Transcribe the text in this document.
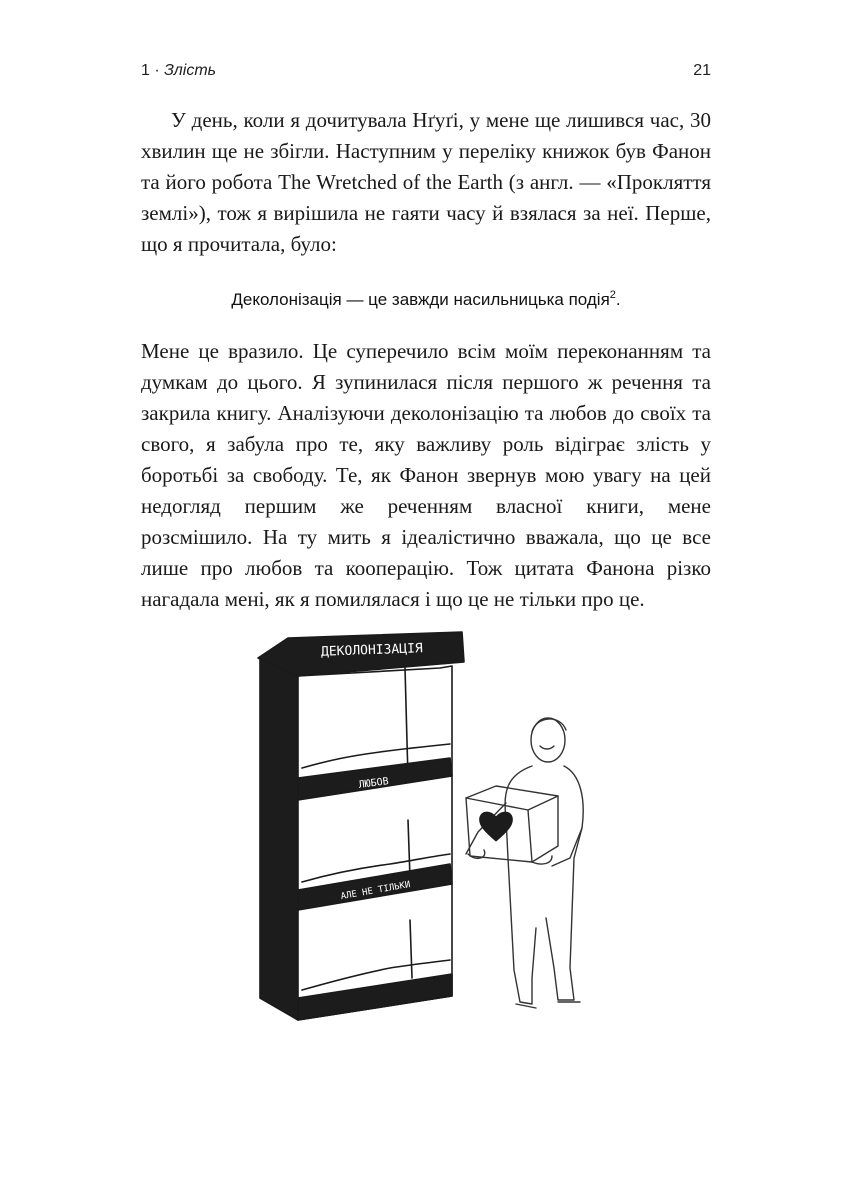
1 · Злість	21

У день, коли я дочитувала Нґуґі, у мене ще лишився час, 30 хвилин ще не збігли. Наступним у переліку книжок був Фанон та його робота The Wretched of the Earth (з англ. — «Прокляття землі»), тож я вирішила не гаяти часу й взялася за неї. Перше, що я прочитала, було:

Деколонізація — це завжди насильницька подія$^2$.

Мене це вразило. Це суперечило всім моїм переконанням та думкам до цього. Я зупинилася після першого ж речення та закрила книгу. Аналізуючи деколонізацію та любов до своїх та свого, я забула про те, яку важливу роль відіграє злість у боротьбі за свободу. Те, як Фанон звернув мою увагу на цей недогляд першим же реченням власної книги, мене розсмішило. На ту мить я ідеалістично вважала, що це все лише про любов та кооперацію. Тож цитата Фанона різко нагадала мені, як я помилялася і що це не тільки про це.

ДЕКОЛОНІЗАЦІЯ
ЛЮБОВ
АЛЕ НЕ ТІЛЬКИ
